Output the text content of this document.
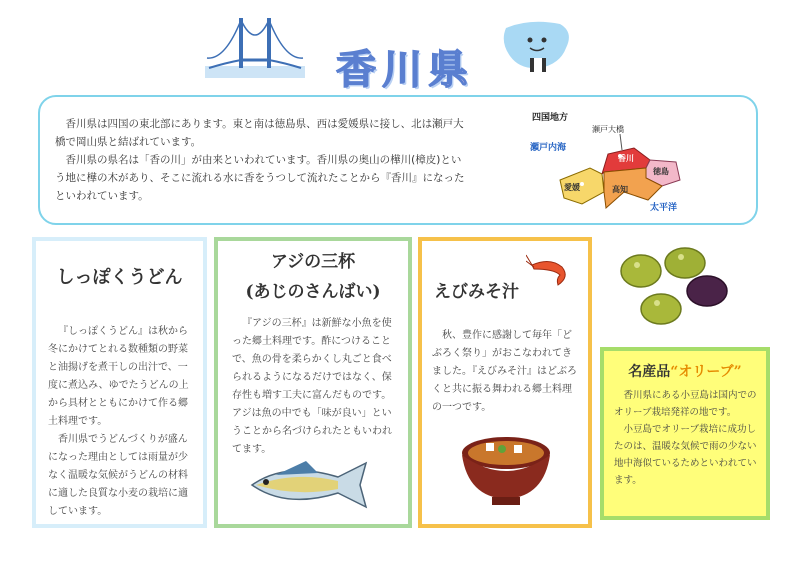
香川県

香川県は四国の東北部にあります。東と南は徳島県、西は愛媛県に接し、北は瀬戸大橋で岡山県と結ばれています。

香川県の県名は「香の川」が由来といわれています。香川県の奥山の樺川(樟皮)という地に樺の木があり、そこに流れる水に香をうつして流れたことから『香川』になったといわれています。

四国地方
瀬戸内海
瀬戸大橋
香川
徳島
愛媛	高知
太平洋
しっぽくうどん

『しっぽくうどん』は秋から冬にかけてとれる数種類の野菜と油揚げを煮干しの出汁で、一度に煮込み、ゆでたうどんの上から具材とともにかけて作る郷土料理です。

香川県でうどんづくりが盛んになった理由としては雨量が少なく温暖な気候がうどんの材料に適した良質な小麦の栽培に適しています。

アジの三杯
(あじのさんばい)

『アジの三杯』は新鮮な小魚を使った郷土料理です。酢につけることで、魚の骨を柔らかくし丸ごと食べられるようになるだけではなく、保存性も増す工夫に富んだものです。アジは魚の中でも「味が良い」ということから名づけられたともいわれてます。

えびみそ汁

秋、豊作に感謝して毎年「どぶろく祭り」がおこなわれてきました。『えびみそ汁』はどぶろくと共に振る舞われる郷土料理の一つです。

名産品“オリーブ”

香川県にある小豆島は国内でのオリーブ栽培発祥の地です。

小豆島でオリーブ栽培に成功したのは、温暖な気候で雨の少ない地中海似ているためといわれています。
